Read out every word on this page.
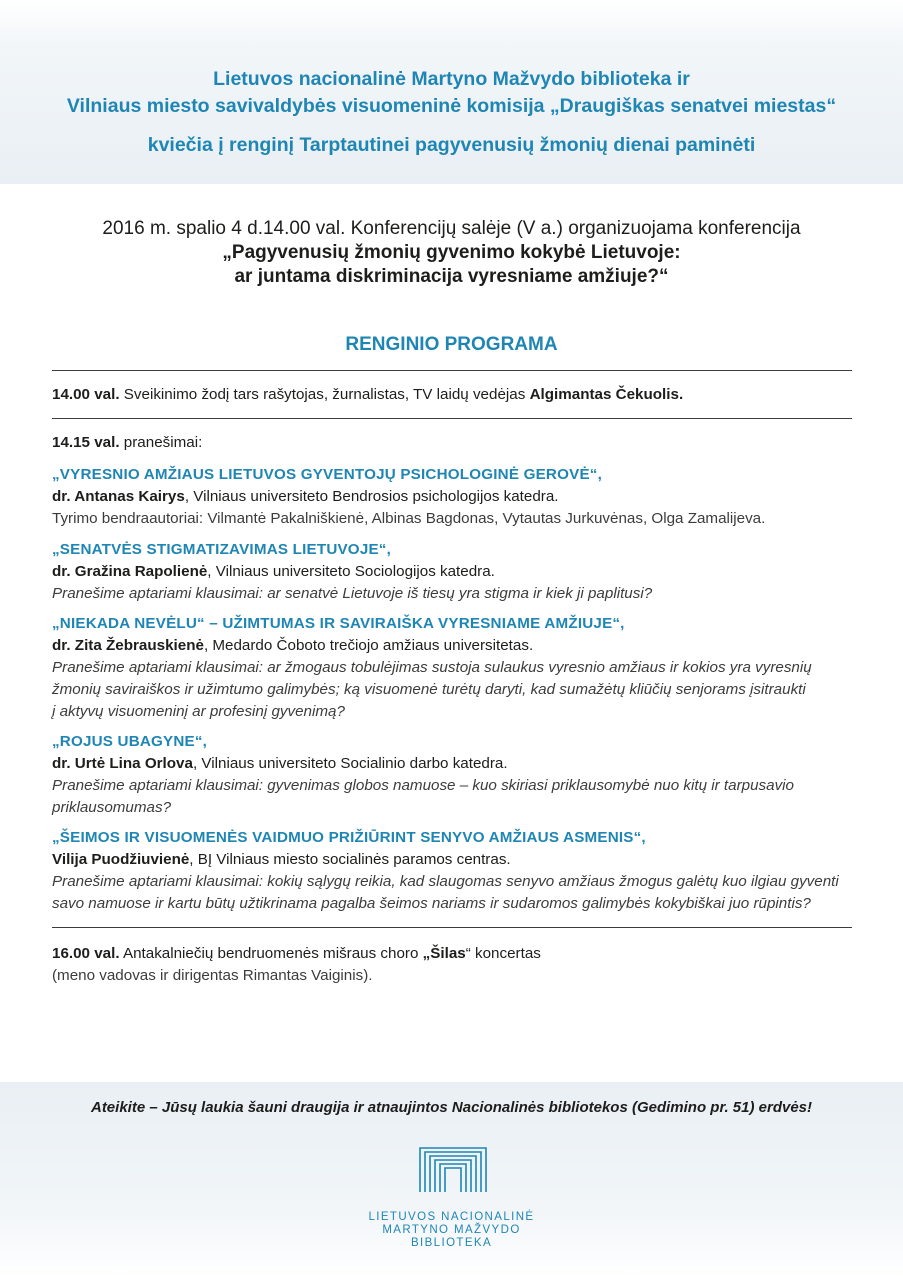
Lietuvos nacionalinė Martyno Mažvydo biblioteka ir
Vilniaus miesto savivaldybės visuomeninė komisija „Draugiškas senatvei miestas“
kviečia į renginį Tarptautinei pagyvenusių žmonių dienai paminėti
2016 m. spalio 4 d.14.00 val. Konferencijų salėje (V a.) organizuojama konferencija
„Pagyvenusių žmonių gyvenimo kokybė Lietuvoje:
ar juntama diskriminacija vyresniame amžiuje?“
RENGINIO PROGRAMA
14.00 val. Sveikinimo žodį tars rašytojas, žurnalistas, TV laidų vedėjas Algimantas Čekuolis.
14.15 val. pranešimai:
„VYRESNIO AMŽIAUS LIETUVOS GYVENTOJŲ PSICHOLOGINĖ GEROVĖ“,
dr. Antanas Kairys, Vilniaus universiteto Bendrosios psichologijos katedra.
Tyrimo bendraautoriai: Vilmantė Pakalniškienė, Albinas Bagdonas, Vytautas Jurkuvėnas, Olga Zamalijeva.
„SENATVĖS STIGMATIZAVIMAS LIETUVOJE“,
dr. Gražina Rapolienė, Vilniaus universiteto Sociologijos katedra.
Pranešime aptariami klausimai: ar senatvė Lietuvoje iš tiesų yra stigma ir kiek ji paplitusi?
„NIEKADA NEVĖLU“ – UŽIMTUMAS IR SAVIRAIŠKA VYRESNIAME AMŽIUJE“,
dr. Zita Žebrauskienė, Medardo Čoboto trečiojo amžiaus universitetas.
Pranešime aptariami klausimai: ar žmogaus tobulėjimas sustoja sulaukus vyresnio amžiaus ir kokios yra vyresnių
žmonių saviraiškos ir užimtumo galimybės; ką visuomenė turėtų daryti, kad sumažėtų kliūčių senjorams įsitraukti
į aktyvų visuomeninį ar profesinį gyvenimą?
„ROJUS UBAGYNE“,
dr. Urtė Lina Orlova, Vilniaus universiteto Socialinio darbo katedra.
Pranešime aptariami klausimai: gyvenimas globos namuose – kuo skiriasi priklausomybė nuo kitų ir tarpusavio
priklausomumas?
„ŠEIMOS IR VISUOMENĖS VAIDMUO PRIŽIŪRINT SENYVO AMŽIAUS ASMENIS“,
Vilija Puodžiuvienė, BĮ Vilniaus miesto socialinės paramos centras.
Pranešime aptariami klausimai: kokių sąlygų reikia, kad slaugomas senyvo amžiaus žmogus galėtų kuo ilgiau gyventi
savo namuose ir kartu būtų užtikrinama pagalba šeimos nariams ir sudaromos galimybės kokybiškai juo rūpintis?
16.00 val. Antakalniečių bendruomenės mišraus choro „Šilas“ koncertas
(meno vadovas ir dirigentas Rimantas Vaiginis).
Ateikite – Jūsų laukia šauni draugija ir atnaujintos Nacionalinės bibliotekos (Gedimino pr. 51) erdvės!
LIETUVOS NACIONALINĖ
MARTYNO MAŽVYDO
BIBLIOTEKA
